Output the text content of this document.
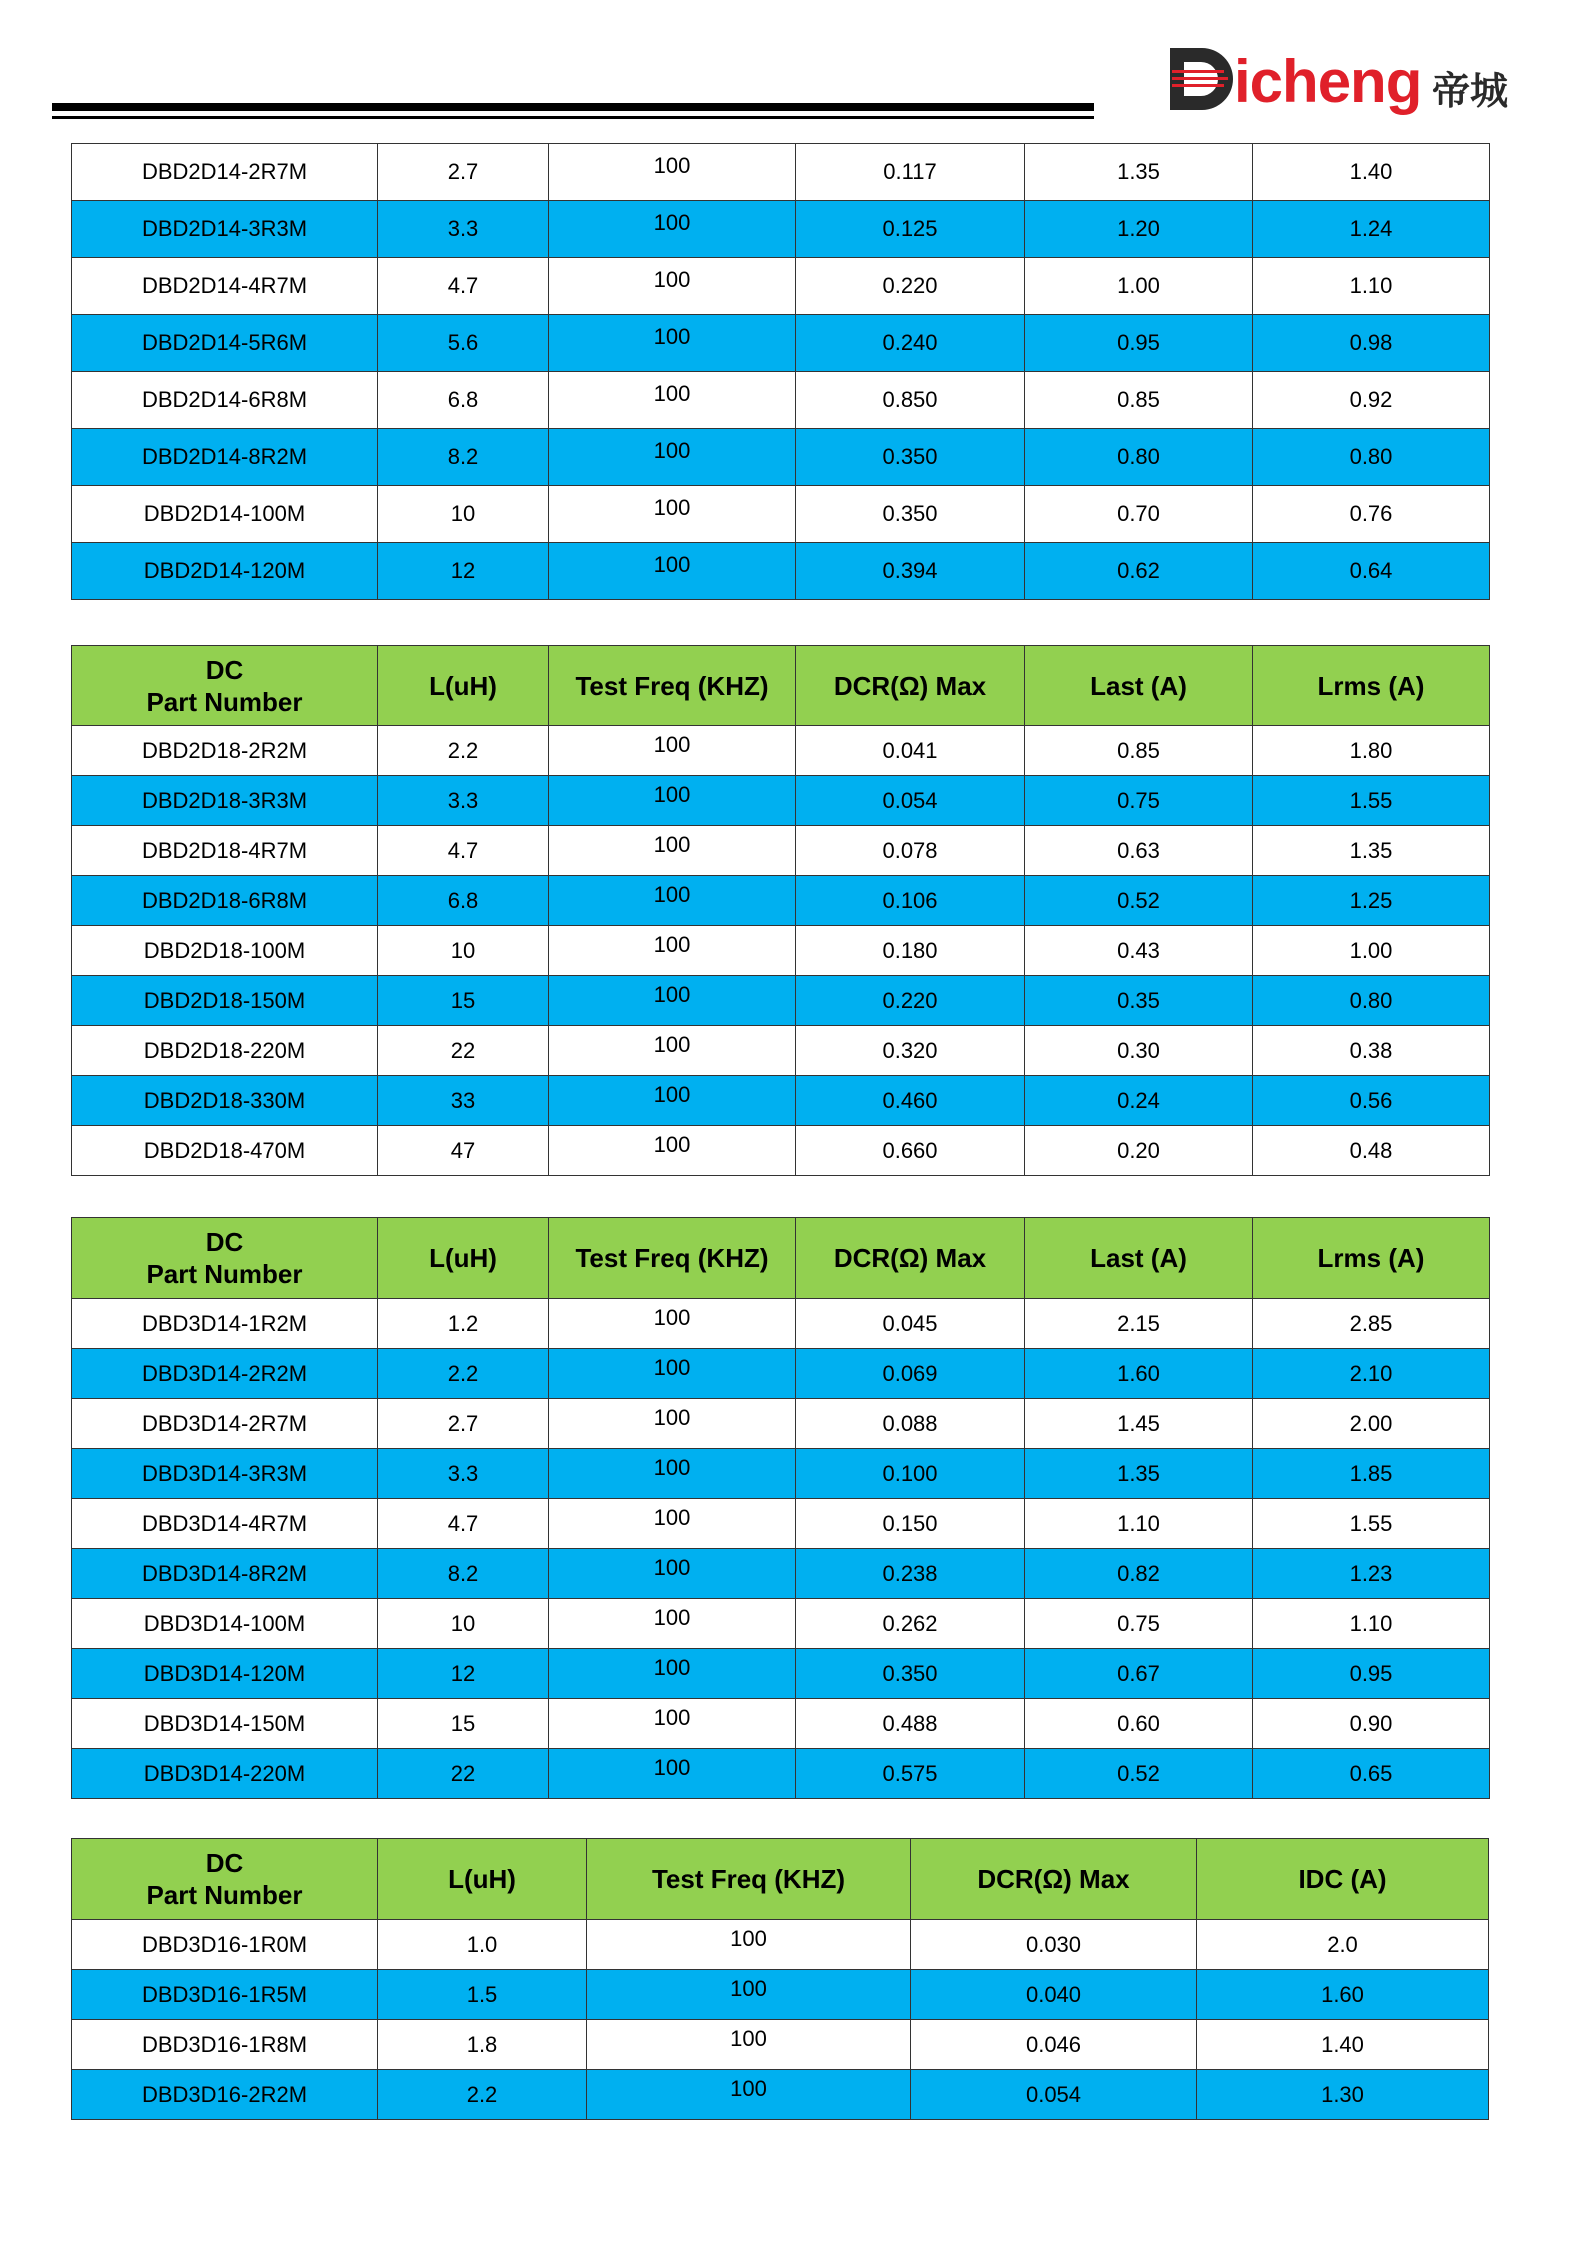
icheng 帝城
DBD2D14-2R7M	2.7	100	0.117	1.35	1.40
DBD2D14-3R3M	3.3	100	0.125	1.20	1.24
DBD2D14-4R7M	4.7	100	0.220	1.00	1.10
DBD2D14-5R6M	5.6	100	0.240	0.95	0.98
DBD2D14-6R8M	6.8	100	0.850	0.85	0.92
DBD2D14-8R2M	8.2	100	0.350	0.80	0.80
DBD2D14-100M	10	100	0.350	0.70	0.76
DBD2D14-120M	12	100	0.394	0.62	0.64
DC
Part Number	L(uH)	Test Freq (KHZ)	DCR(Ω) Max	Last (A)	Lrms (A)
DBD2D18-2R2M	2.2	100	0.041	0.85	1.80
DBD2D18-3R3M	3.3	100	0.054	0.75	1.55
DBD2D18-4R7M	4.7	100	0.078	0.63	1.35
DBD2D18-6R8M	6.8	100	0.106	0.52	1.25
DBD2D18-100M	10	100	0.180	0.43	1.00
DBD2D18-150M	15	100	0.220	0.35	0.80
DBD2D18-220M	22	100	0.320	0.30	0.38
DBD2D18-330M	33	100	0.460	0.24	0.56
DBD2D18-470M	47	100	0.660	0.20	0.48
DC
Part Number	L(uH)	Test Freq (KHZ)	DCR(Ω) Max	Last (A)	Lrms (A)
DBD3D14-1R2M	1.2	100	0.045	2.15	2.85
DBD3D14-2R2M	2.2	100	0.069	1.60	2.10
DBD3D14-2R7M	2.7	100	0.088	1.45	2.00
DBD3D14-3R3M	3.3	100	0.100	1.35	1.85
DBD3D14-4R7M	4.7	100	0.150	1.10	1.55
DBD3D14-8R2M	8.2	100	0.238	0.82	1.23
DBD3D14-100M	10	100	0.262	0.75	1.10
DBD3D14-120M	12	100	0.350	0.67	0.95
DBD3D14-150M	15	100	0.488	0.60	0.90
DBD3D14-220M	22	100	0.575	0.52	0.65
DC
Part Number	L(uH)	Test Freq (KHZ)	DCR(Ω) Max	IDC (A)
DBD3D16-1R0M	1.0	100	0.030	2.0
DBD3D16-1R5M	1.5	100	0.040	1.60
DBD3D16-1R8M	1.8	100	0.046	1.40
DBD3D16-2R2M	2.2	100	0.054	1.30
